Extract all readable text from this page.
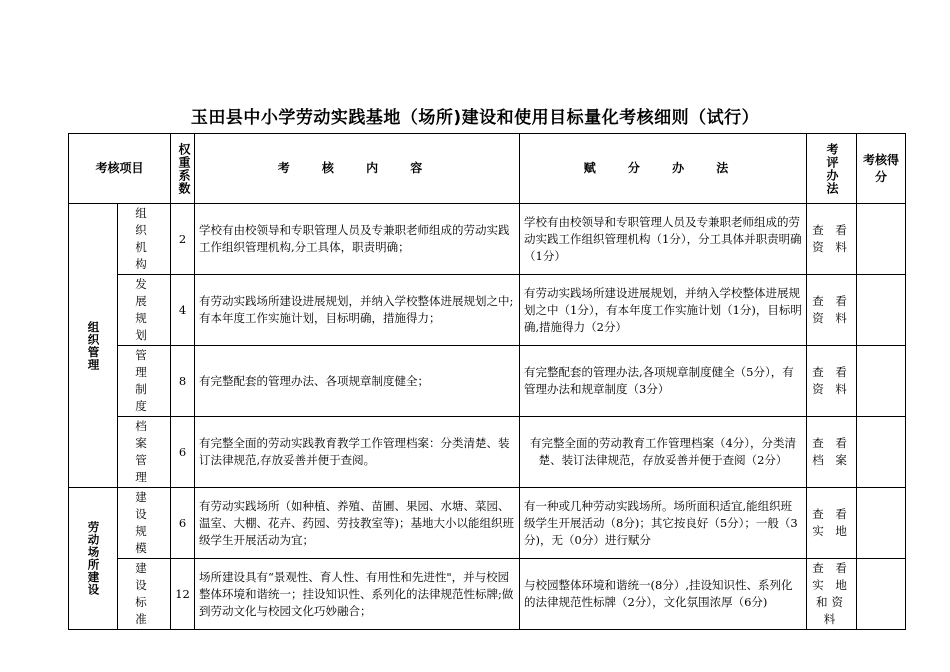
玉田县中小学劳动实践基地（场所)建设和使用目标量化考核细则（试行）
考核项目		权重系数	考 核 内 容	赋 分 办 法	考评办法	考核得分

组织管理	组 织 机 构	2	学校有由校领导和专职管理人员及专兼职老师组成的劳动实践工作组织管理机构,分工具体，职责明确；	学校有由校领导和专职管理人员及专兼职老师组成的劳动实践工作组织管理机构（1分），分工具体并职责明确（1分）	查 看 资 料	
	发 展 规 划	4	有劳动实践场所建设进展规划，并纳入学校整体进展规划之中;有本年度工作实施计划，目标明确，措施得力；	有劳动实践场所建设进展规划，并纳入学校整体进展规划之中（1分），有本年度工作实施计划（1分)，目标明确,措施得力（2分）	查 看 资 料	
	管 理 制 度	8	有完整配套的管理办法、各项规章制度健全；	有完整配套的管理办法,各项规章制度健全（5分），有管理办法和规章制度（3分）	查 看 资 料	
	档 案 管 理	6	有完整全面的劳动实践教育教学工作管理档案：分类清楚、装订法律规范,存放妥善并便于查阅。	有完整全面的劳动教育工作管理档案（4分），分类清楚、装订法律规范，存放妥善并便于查阅（2分）	查 看 档 案	

劳动场所建设	建 设 规 模	6	有劳动实践场所（如种植、养殖、苗圃、果园、水塘、菜园、温室、大棚、花卉、药园、劳技教室等)；基地大小以能组织班级学生开展活动为宜；	有一种或几种劳动实践场所。场所面积适宜,能组织班级学生开展活动（8分)；其它按良好（5分）；一般（3分)，无（0分）进行赋分	查 看 实 地	
	建 设 标 准	12	场所建设具有“景观性、育人性、有用性和先进性"，并与校园整体环境和谐统一；挂设知识性、系列化的法律规范性标牌;做到劳动文化与校园文化巧妙融合；	与校园整体环境和谐统一(8分）,挂设知识性、系列化的法律规范性标牌（2分），文化氛围浓厚（6分)	查 看 实 地 和资料	
